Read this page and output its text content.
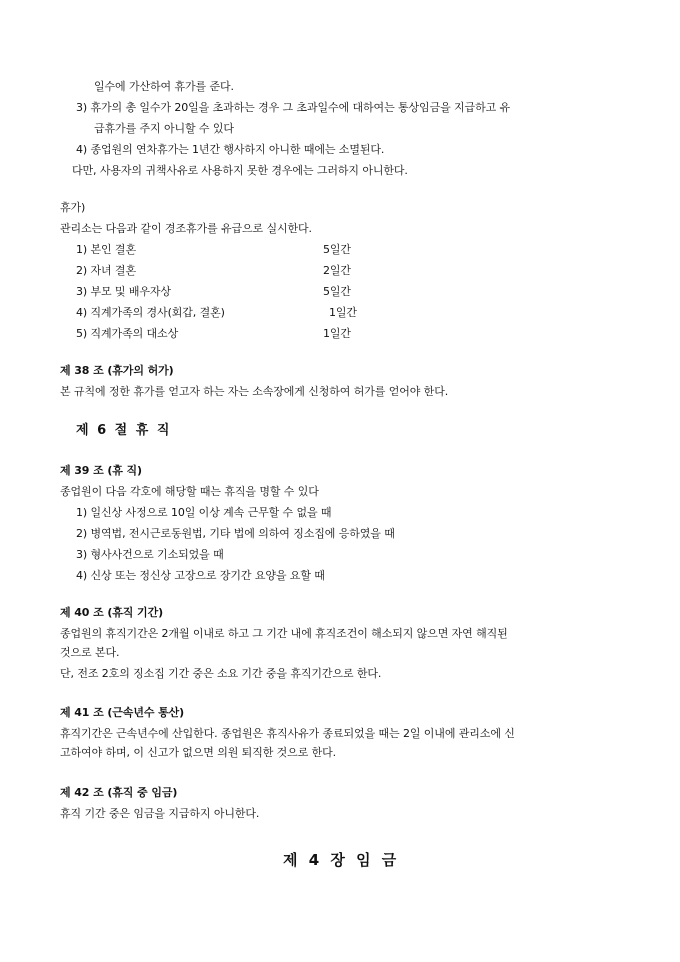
일수에 가산하여 휴가를 준다.
3) 휴가의 총 일수가 20일을 초과하는 경우 그 초과일수에 대하여는 통상임금을 지급하고 유
급휴가를 주지 아니할 수 있다
4) 종업원의 연차휴가는 1년간 행사하지 아니한 때에는 소멸된다.
다만, 사용자의 귀책사유로 사용하지 못한 경우에는 그러하지 아니한다.
휴가)
관리소는 다음과 같이 경조휴가를 유급으로 실시한다.
1) 본인 결혼	5일간
2) 자녀 결혼	2일간
3) 부모 및 배우자상	5일간
4) 직계가족의 경사(회갑, 결혼)	1일간
5) 직계가족의 대소상	1일간
제 38 조 (휴가의 허가)
본 규칙에 정한 휴가를 얻고자 하는 자는 소속장에게 신청하여 허가를 얻어야 한다.
제 6 절 휴 직
제 39 조 (휴 직)
종업원이 다음 각호에 해당할 때는 휴직을 명할 수 있다
1) 일신상 사정으로 10일 이상 계속 근무할 수 없을 때
2) 병역법, 전시근로동원법, 기타 법에 의하여 징소집에 응하였을 때
3) 형사사건으로 기소되었을 때
4) 신상 또는 정신상 고장으로 장기간 요양을 요할 때
제 40 조 (휴직 기간)
종업원의 휴직기간은 2개월 이내로 하고 그 기간 내에 휴직조건이 해소되지 않으면 자연 해직된
것으로 본다.
단, 전조 2호의 징소집 기간 중은 소요 기간 중을 휴직기간으로 한다.
제 41 조 (근속년수 통산)
휴직기간은 근속년수에 산입한다. 종업원은 휴직사유가 종료되었을 때는 2일 이내에 관리소에 신
고하여야 하며, 이 신고가 없으면 의원 퇴직한 것으로 한다.
제 42 조 (휴직 중 임금)
휴직 기간 중은 임금을 지급하지 아니한다.
제 4 장 임 금
